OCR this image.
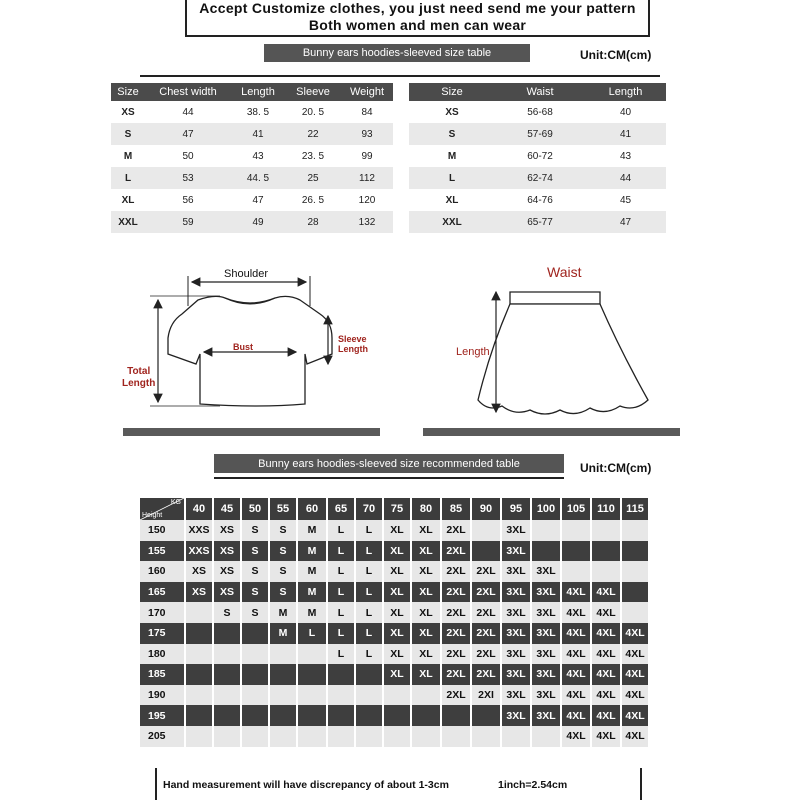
Accept Customize clothes, you just need send me your pattern
Both women and men can wear
Bunny ears hoodies-sleeved size table	Unit:CM(cm)
Size	Chest width	Length	Sleeve	Weight
XS	44	38. 5	20. 5	84
S	47	41	22	93
M	50	43	23. 5	99
L	53	44. 5	25	112
XL	56	47	26. 5	120
XXL	59	49	28	132
Size	Waist	Length
XS	56-68	40
S	57-69	41
M	60-72	43
L	62-74	44
XL	64-76	45
XXL	65-77	47
Shoulder
Bust
Sleeve
Length
Total
Length
Waist
Length
Bunny ears hoodies-sleeved size recommended table	Unit:CM(cm)
KG
Height	40	45	50	55	60	65	70	75	80	85	90	95	100	105	110	115
150	XXS	XS	S	S	M	L	L	XL	XL	2XL		3XL				
155	XXS	XS	S	S	M	L	L	XL	XL	2XL		3XL				
160	XS	XS	S	S	M	L	L	XL	XL	2XL	2XL	3XL	3XL			
165	XS	XS	S	S	M	L	L	XL	XL	2XL	2XL	3XL	3XL	4XL	4XL	
170		S	S	M	M	L	L	XL	XL	2XL	2XL	3XL	3XL	4XL	4XL	
175				M	L	L	L	XL	XL	2XL	2XL	3XL	3XL	4XL	4XL	4XL
180						L	L	XL	XL	2XL	2XL	3XL	3XL	4XL	4XL	4XL
185								XL	XL	2XL	2XL	3XL	3XL	4XL	4XL	4XL
190										2XL	2XI	3XL	3XL	4XL	4XL	4XL
195												3XL	3XL	4XL	4XL	4XL
205														4XL	4XL	4XL
Hand measurement will have discrepancy of about 1-3cm	1inch=2.54cm
